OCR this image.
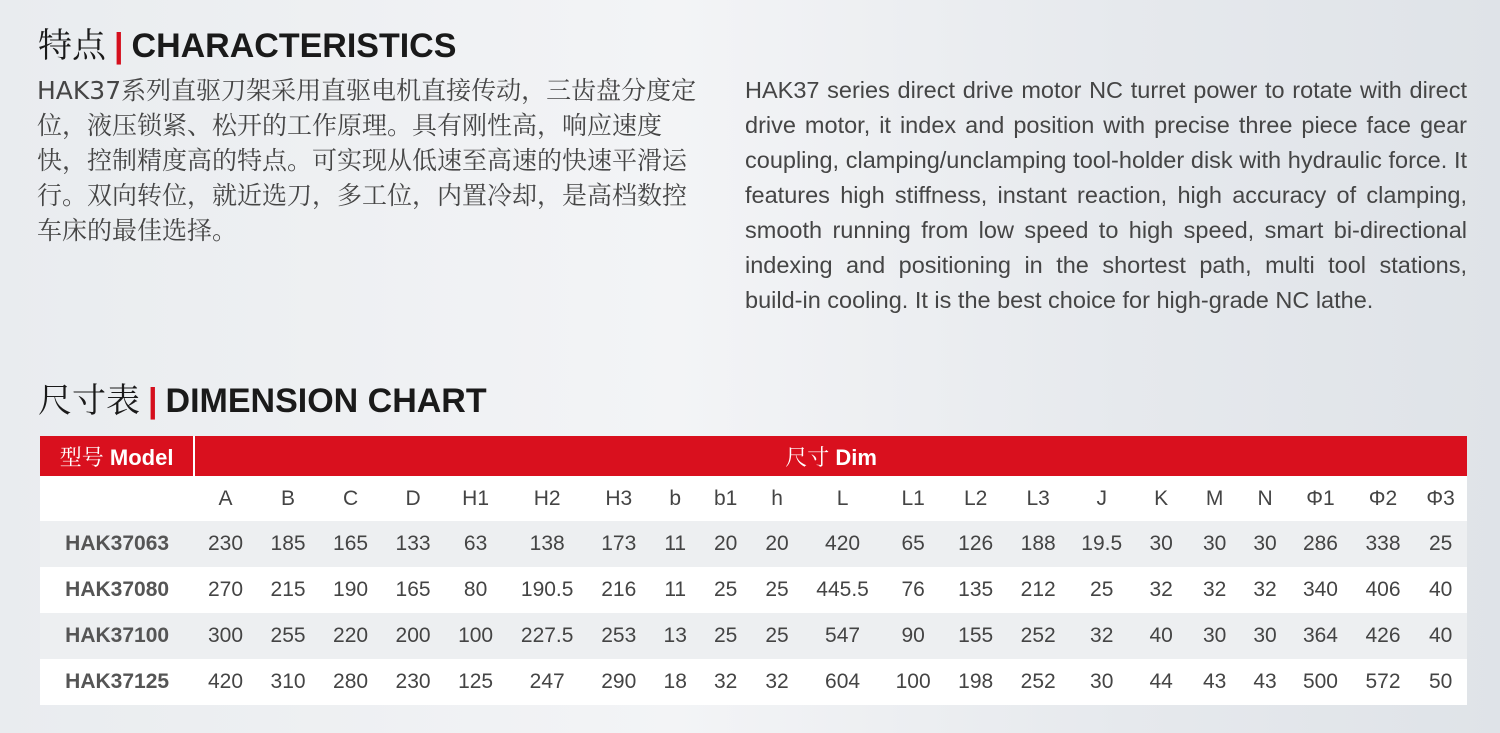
特点 | CHARACTERISTICS

HAK37系列直驱刀架采用直驱电机直接传动，三齿盘分度定位，液压锁紧、松开的工作原理。具有刚性高，响应速度快，控制精度高的特点。可实现从低速至高速的快速平滑运行。双向转位，就近选刀，多工位，内置冷却，是高档数控车床的最佳选择。

HAK37 series direct drive motor NC turret power to rotate with direct drive motor, it index and position with precise three piece face gear coupling, clamping/unclamping tool-holder disk with hydraulic force. It features high stiffness, instant reaction, high accuracy of clamping, smooth running from low speed to high speed, smart bi-directional indexing and positioning in the shortest path, multi tool stations, build-in cooling. It is the best choice for high-grade NC lathe.

尺寸表 | DIMENSION CHART
型号 Model	尺寸 Dim																				
	A	B	C	D	H1	H2	H3	b	b1	h	L	L1	L2	L3	J	K	M	N	Φ1	Φ2	Φ3
HAK37063	230	185	165	133	63	138	173	11	20	20	420	65	126	188	19.5	30	30	30	286	338	25
HAK37080	270	215	190	165	80	190.5	216	11	25	25	445.5	76	135	212	25	32	32	32	340	406	40
HAK37100	300	255	220	200	100	227.5	253	13	25	25	547	90	155	252	32	40	30	30	364	426	40
HAK37125	420	310	280	230	125	247	290	18	32	32	604	100	198	252	30	44	43	43	500	572	50
